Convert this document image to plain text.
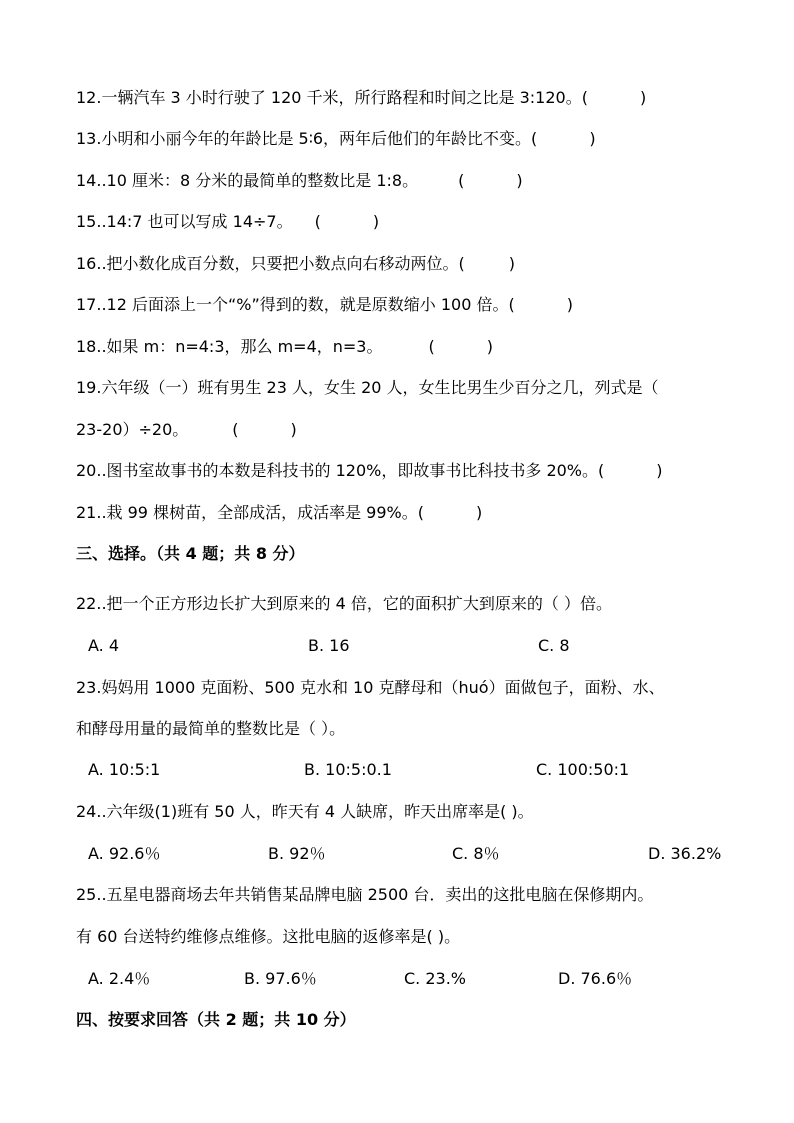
12.一辆汽车 3 小时行驶了 120 千米，所行路程和时间之比是 3:120。(	)
13.小明和小丽今年的年龄比是 5∶6，两年后他们的年龄比不变。(	)
14..10 厘米：8 分米的最简单的整数比是 1:8。	(	)
15..14:7 也可以写成 14÷7。 (	)
16..把小数化成百分数，只要把小数点向右移动两位。(	)
17..12 后面添上一个“%”得到的数，就是原数缩小 100 倍。(	)
18..如果 m：n=4:3，那么 m=4，n=3。	(	)
19.六年级（一）班有男生 23 人，女生 20 人，女生比男生少百分之几，列式是（
23-20）÷20。	(	)
20..图书室故事书的本数是科技书的 120%，即故事书比科技书多 20%。(	)
21..栽 99 棵树苗，全部成活，成活率是 99%。(	)
三、选择。（共 4 题；共 8 分）
22..把一个正方形边长扩大到原来的 4 倍，它的面积扩大到原来的（ ）倍。
A. 4	B. 16	C. 8
23.妈妈用 1000 克面粉、500 克水和 10 克酵母和（huó）面做包子，面粉、水、
和酵母用量的最简单的整数比是（ ）。
A. 10:5:1	B. 10:5:0.1	C. 100:50:1
24..六年级(1)班有 50 人，昨天有 4 人缺席，昨天出席率是( )。
A. 92.6％	B. 92％	C. 8％	D. 36.2%
25..五星电器商场去年共销售某品牌电脑 2500 台．卖出的这批电脑在保修期内。
有 60 台送特约维修点维修。这批电脑的返修率是( )。
A. 2.4％	B. 97.6％	C. 23.%	D. 76.6％
四、按要求回答（共 2 题；共 10 分）
